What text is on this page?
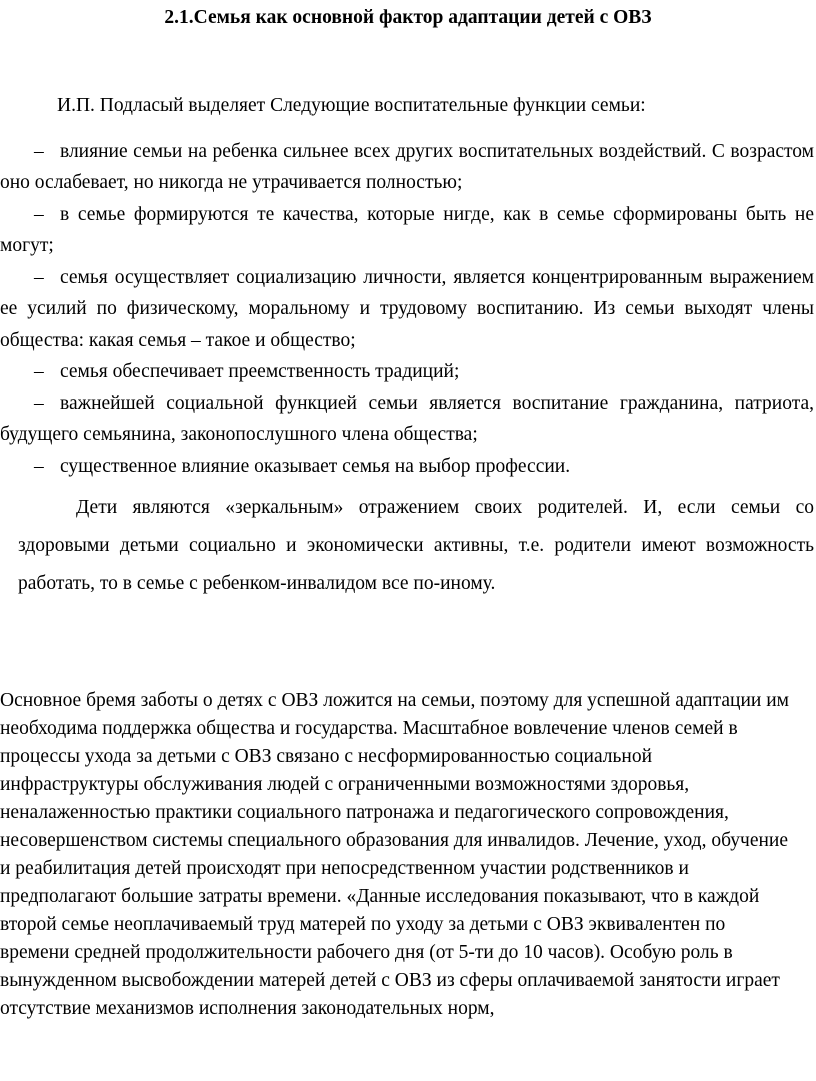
2.1.Семья как основной фактор адаптации детей с ОВЗ

И.П. Подласый выделяет Следующие воспитательные функции семьи:

– влияние семьи на ребенка сильнее всех других воспитательных воздействий. С возрастом оно ослабевает, но никогда не утрачивается полностью;

– в семье формируются те качества, которые нигде, как в семье сформированы быть не могут;

– семья осуществляет социализацию личности, является концентрированным выражением ее усилий по физическому, моральному и трудовому воспитанию. Из семьи выходят члены общества: какая семья – такое и общество;

– семья обеспечивает преемственность традиций;

– важнейшей социальной функцией семьи является воспитание гражданина, патриота, будущего семьянина, законопослушного члена общества;

– существенное влияние оказывает семья на выбор профессии.

Дети являются «зеркальным» отражением своих родителей. И, если семьи со здоровыми детьми социально и экономически активны, т.е. родители имеют возможность работать, то в семье с ребенком-инвалидом все по-иному.

Основное бремя заботы о детях с ОВЗ ложится на семьи, поэтому для успешной адаптации им необходима поддержка общества и государства. Масштабное вовлечение членов семей в процессы ухода за детьми с ОВЗ связано с несформированностью социальной инфраструктуры обслуживания людей с ограниченными возможностями здоровья, неналаженностью практики социального патронажа и педагогического сопровождения, несовершенством системы специального образования для инвалидов. Лечение, уход, обучение и реабилитация детей происходят при непосредственном участии родственников и предполагают большие затраты времени. «Данные исследования показывают, что в каждой второй семье неоплачиваемый труд матерей по уходу за детьми с ОВЗ эквивалентен по времени средней продолжительности рабочего дня (от 5-ти до 10 часов). Особую роль в вынужденном высвобождении матерей детей с ОВЗ из сферы оплачиваемой занятости играет отсутствие механизмов исполнения законодательных норм,
